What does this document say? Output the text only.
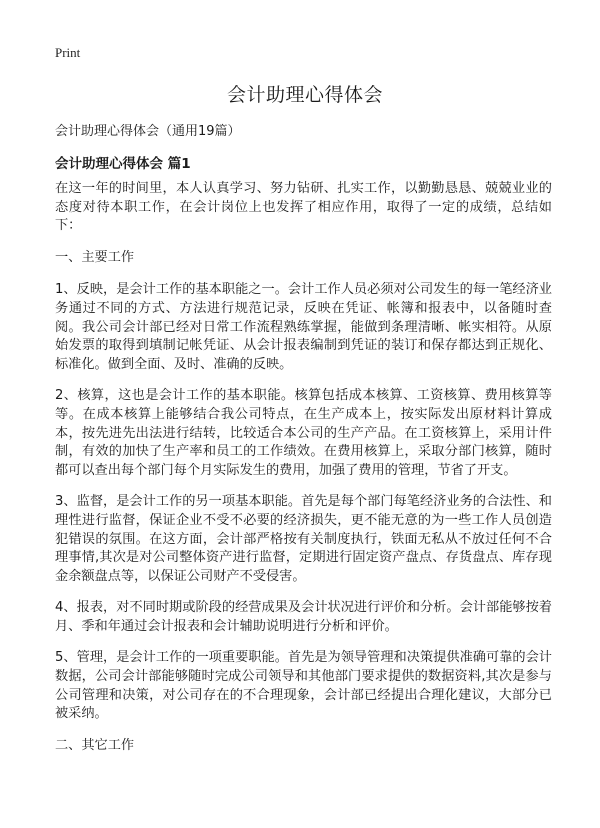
Print
会计助理心得体会

会计助理心得体会（通用19篇）

会计助理心得体会 篇1

在这一年的时间里，本人认真学习、努力钻研、扎实工作，以勤勤恳恳、兢兢业业的态度对待本职工作，在会计岗位上也发挥了相应作用，取得了一定的成绩，总结如下：

一、主要工作

1、反映，是会计工作的基本职能之一。会计工作人员必须对公司发生的每一笔经济业务通过不同的方式、方法进行规范记录，反映在凭证、帐簿和报表中，以备随时查阅。我公司会计部已经对日常工作流程熟练掌握，能做到条理清晰、帐实相符。从原始发票的取得到填制记帐凭证、从会计报表编制到凭证的装订和保存都达到正规化、标准化。做到全面、及时、准确的反映。

2、核算，这也是会计工作的基本职能。核算包括成本核算、工资核算、费用核算等等。在成本核算上能够结合我公司特点，在生产成本上，按实际发出原材料计算成本，按先进先出法进行结转，比较适合本公司的生产产品。在工资核算上，采用计件制，有效的加快了生产率和员工的工作绩效。在费用核算上，采取分部门核算，随时都可以查出每个部门每个月实际发生的费用，加强了费用的管理，节省了开支。

3、监督，是会计工作的另一项基本职能。首先是每个部门每笔经济业务的合法性、和理性进行监督，保证企业不受不必要的经济损失，更不能无意的为一些工作人员创造犯错误的氛围。在这方面，会计部严格按有关制度执行，铁面无私从不放过任何不合理事情,其次是对公司整体资产进行监督，定期进行固定资产盘点、存货盘点、库存现金余额盘点等，以保证公司财产不受侵害。

4、报表，对不同时期或阶段的经营成果及会计状况进行评价和分析。会计部能够按着月、季和年通过会计报表和会计辅助说明进行分析和评价。

5、管理，是会计工作的一项重要职能。首先是为领导管理和决策提供准确可靠的会计数据，公司会计部能够随时完成公司领导和其他部门要求提供的数据资料,其次是参与公司管理和决策，对公司存在的不合理现象，会计部已经提出合理化建议，大部分已被采纳。

二、其它工作
